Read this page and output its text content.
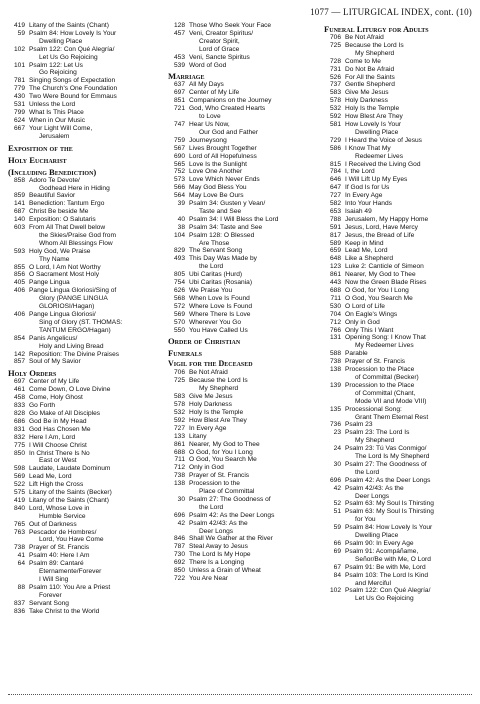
1077 — LITURGICAL INDEX, cont. (10)
419 Litany of the Saints (Chant)
59 Psalm 84: How Lovely Is Your
Dwelling Place
102 Psalm 122: Con Qué Alegría/
Let Us Go Rejoicing
101 Psalm 122: Let Us
Go Rejoicing
781 Singing Songs of Expectation
779 The Church's One Foundation
430 Two Were Bound for Emmaus
531 Unless the Lord
799 What Is This Place
624 When in Our Music
667 Your Light Will Come,
Jerusalem
Exposition of the
Holy Eucharist
(Including Benediction)
858 Adoro Te Devote/
Godhead Here in Hiding
859 Beautiful Savior
141 Benediction: Tantum Ergo
687 Christ Be beside Me
140 Exposition: O Salutaris
603 From All That Dwell below
the Skies/Praise God from
Whom All Blessings Flow
593 Holy God, We Praise
Thy Name
855 O Lord, I Am Not Worthy
856 O Sacrament Most Holy
405 Pange Lingua
406 Pange Lingua Gloriosi/Sing of
Glory (PANGE LINGUA
GLORIOSI/Hagan)
406 Pange Lingua Gloriosi/
Sing of Glory (ST. THOMAS:
TANTUM ERGO/Hagan)
854 Panis Angelicus/
Holy and Living Bread
142 Reposition: The Divine Praises
857 Soul of My Savior
Holy Orders
697 Center of My Life
461 Come Down, O Love Divine
458 Come, Holy Ghost
833 Go Forth
828 Go Make of All Disciples
686 God Be in My Head
831 God Has Chosen Me
832 Here I Am, Lord
775 I Will Choose Christ
850 In Christ There Is No
East or West
598 Laudate, Laudate Dominum
569 Lead Me, Lord
522 Lift High the Cross
575 Litany of the Saints (Becker)
419 Litany of the Saints (Chant)
840 Lord, Whose Love in
Humble Service
765 Out of Darkness
763 Pescador de Hombres/
Lord, You Have Come
738 Prayer of St. Francis
41 Psalm 40: Here I Am
64 Psalm 89: Cantaré
Eternamente/Forever
I Will Sing
88 Psalm 110: You Are a Priest
Forever
837 Servant Song
836 Take Christ to the World
128 Those Who Seek Your Face
457 Veni, Creator Spiritus/
Creator Spirit,
Lord of Grace
453 Veni, Sancte Spiritus
539 Word of God
Marriage
637 All My Days
697 Center of My Life
851 Companions on the Journey
721 God, Who Created Hearts
to Love
747 Hear Us Now,
Our God and Father
759 Journeysong
567 Lives Brought Together
690 Lord of All Hopefulness
565 Love Is the Sunlight
752 Love One Another
573 Love Which Never Ends
566 May God Bless You
564 May Love Be Ours
39 Psalm 34: Gusten y Vean/
Taste and See
40 Psalm 34: I Will Bless the Lord
38 Psalm 34: Taste and See
104 Psalm 128: O Blessed
Are Those
829 The Servant Song
493 This Day Was Made by
the Lord
805 Ubi Caritas (Hurd)
754 Ubi Caritas (Rosania)
626 We Praise You
568 When Love Is Found
572 Where Love Is Found
569 Where There Is Love
570 Wherever You Go
550 You Have Called Us
Order of Christian
Funerals
Vigil for the Deceased
706 Be Not Afraid
725 Because the Lord Is
My Shepherd
583 Give Me Jesus
578 Holy Darkness
532 Holy Is the Temple
592 How Blest Are They
727 In Every Age
133 Litany
861 Nearer, My God to Thee
688 O God, for You I Long
711 O God, You Search Me
712 Only in God
738 Prayer of St. Francis
138 Procession to the
Place of Committal
30 Psalm 27: The Goodness of
the Lord
696 Psalm 42: As the Deer Longs
42 Psalm 42/43: As the
Deer Longs
846 Shall We Gather at the River
787 Steal Away to Jesus
730 The Lord Is My Hope
692 There Is a Longing
850 Unless a Grain of Wheat
722 You Are Near
Funeral Liturgy for Adults
706 Be Not Afraid
725 Because the Lord Is
My Shepherd
728 Come to Me
731 Do Not Be Afraid
526 For All the Saints
737 Gentle Shepherd
583 Give Me Jesus
578 Holy Darkness
532 Holy Is the Temple
592 How Blest Are They
581 How Lovely Is Your
Dwelling Place
729 I Heard the Voice of Jesus
586 I Know That My
Redeemer Lives
815 I Received the Living God
784 I, the Lord
646 I Will Lift Up My Eyes
647 If God Is for Us
727 In Every Age
582 Into Your Hands
653 Isaiah 49
788 Jerusalem, My Happy Home
591 Jesus, Lord, Have Mercy
817 Jesus, the Bread of Life
589 Keep in Mind
659 Lead Me, Lord
648 Like a Shepherd
123 Luke 2: Canticle of Simeon
861 Nearer, My God to Thee
443 Now the Green Blade Rises
688 O God, for You I Long
711 O God, You Search Me
530 O Lord of Life
704 On Eagle's Wings
712 Only in God
766 Only This I Want
131 Opening Song: I Know That
My Redeemer Lives
588 Parable
738 Prayer of St. Francis
138 Procession to the Place
of Committal (Becker)
139 Procession to the Place
of Committal (Chant,
Mode VII and Mode VIII)
135 Processional Song:
Grant Them Eternal Rest
736 Psalm 23
23 Psalm 23: The Lord Is
My Shepherd
24 Psalm 23: Tú Vas Conmigo/
The Lord Is My Shepherd
30 Psalm 27: The Goodness of
the Lord
696 Psalm 42: As the Deer Longs
42 Psalm 42/43: As the
Deer Longs
52 Psalm 63: My Soul Is Thirsting
51 Psalm 63: My Soul Is Thirsting
for You
59 Psalm 84: How Lovely Is Your
Dwelling Place
66 Psalm 90: In Every Age
69 Psalm 91: Acompáñame,
Señor/Be with Me, O Lord
67 Psalm 91: Be with Me, Lord
84 Psalm 103: The Lord Is Kind
and Merciful
102 Psalm 122: Con Qué Alegría/
Let Us Go Rejoicing
